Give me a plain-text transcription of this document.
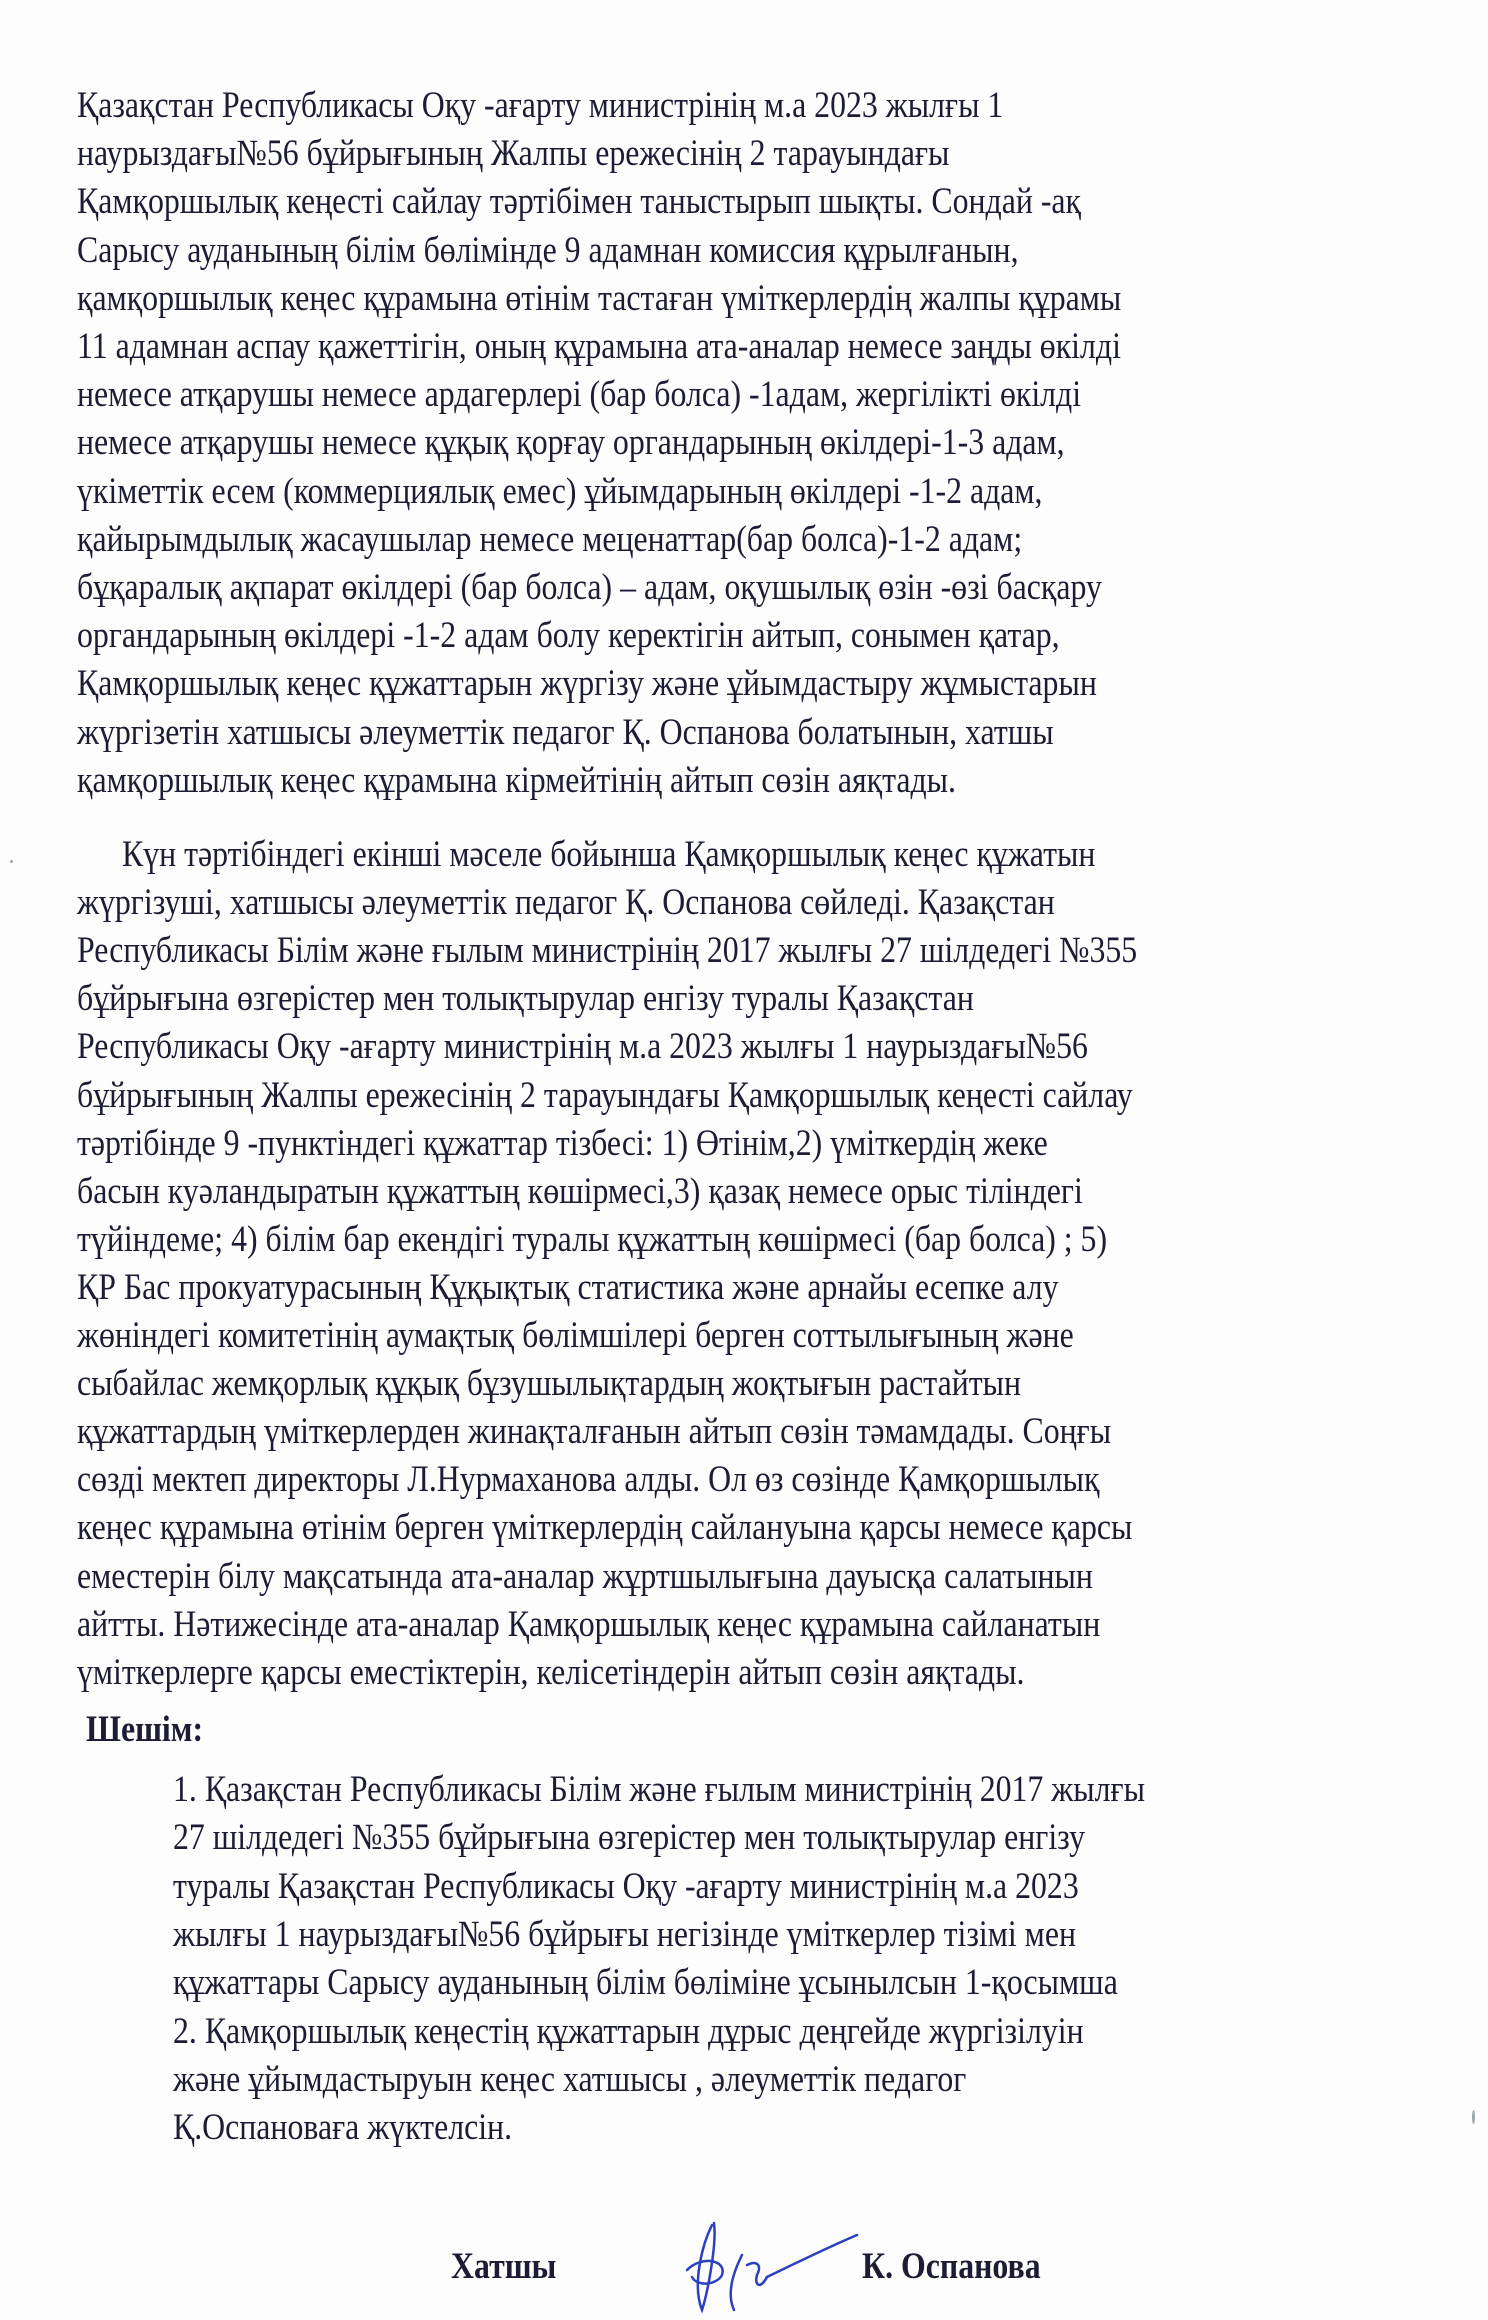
Қазақстан Республикасы Оқу -ағарту министрінің м.а 2023 жылғы 1
наурыздағы№56 бұйрығының Жалпы ережесінің 2 тарауындағы
Қамқоршылық кеңесті сайлау тәртібімен таныстырып шықты. Сондай -ақ
Сарысу ауданының білім бөлімінде 9 адамнан комиссия құрылғанын,
қамқоршылық кеңес құрамына өтінім тастаған үміткерлердің жалпы құрамы
11 адамнан аспау қажеттігін, оның құрамына ата-аналар немесе заңды өкілді
немесе атқарушы немесе ардагерлері (бар болса) -1адам, жергілікті өкілді
немесе атқарушы немесе құқық қорғау органдарының өкілдері-1-3 адам,
үкіметтік есем (коммерциялық емес) ұйымдарының өкілдері -1-2 адам,
қайырымдылық жасаушылар немесе меценаттар(бар болса)-1-2 адам;
бұқаралық ақпарат өкілдері (бар болса) – адам, оқушылық өзін -өзі басқару
органдарының өкілдері -1-2 адам болу керектігін айтып, сонымен қатар,
Қамқоршылық кеңес құжаттарын жүргізу және ұйымдастыру жұмыстарын
жүргізетін хатшысы әлеуметтік педагог Қ. Оспанова болатынын, хатшы
қамқоршылық кеңес құрамына кірмейтінің айтып сөзін аяқтады.
Күн тәртібіндегі екінші мәселе бойынша Қамқоршылық кеңес құжатын
жүргізуші, хатшысы әлеуметтік педагог Қ. Оспанова сөйледі. Қазақстан
Республикасы Білім және ғылым министрінің 2017 жылғы 27 шілдедегі №355
бұйрығына өзгерістер мен толықтырулар енгізу туралы Қазақстан
Республикасы Оқу -ағарту министрінің м.а 2023 жылғы 1 наурыздағы№56
бұйрығының Жалпы ережесінің 2 тарауындағы Қамқоршылық кеңесті сайлау
тәртібінде 9 -пунктіндегі құжаттар тізбесі: 1) Өтінім,2) үміткердің жеке
басын куәландыратын құжаттың көшірмесі,3) қазақ немесе орыс тіліндегі
түйіндеме; 4) білім бар екендігі туралы құжаттың көшірмесі (бар болса) ; 5)
ҚР Бас прокуатурасының Құқықтық статистика және арнайы есепке алу
жөніндегі комитетінің аумақтық бөлімшілері берген соттылығының және
сыбайлас жемқорлық құқық бұзушылықтардың жоқтығын растайтын
құжаттардың үміткерлерден жинақталғанын айтып сөзін тәмамдады. Соңғы
сөзді мектеп директоры Л.Нурмаханова алды. Ол өз сөзінде Қамқоршылық
кеңес құрамына өтінім берген үміткерлердің сайлануына қарсы немесе қарсы
еместерін білу мақсатында ата-аналар жұртшылығына дауысқа салатынын
айтты. Нәтижесінде ата-аналар Қамқоршылық кеңес құрамына сайланатын
үміткерлерге қарсы еместіктерін, келісетіндерін айтып сөзін аяқтады.
Шешім:
1. Қазақстан Республикасы Білім және ғылым министрінің 2017 жылғы
27 шілдедегі №355 бұйрығына өзгерістер мен толықтырулар енгізу
туралы Қазақстан Республикасы Оқу -ағарту министрінің м.а 2023
жылғы 1 наурыздағы№56 бұйрығы негізінде үміткерлер тізімі мен
құжаттары Сарысу ауданының білім бөліміне ұсынылсын 1-қосымша
2. Қамқоршылық кеңестің құжаттарын дұрыс деңгейде жүргізілуін
және ұйымдастыруын кеңес хатшысы , әлеуметтік педагог
Қ.Оспановаға жүктелсін.
Хатшы	К. Оспанова
